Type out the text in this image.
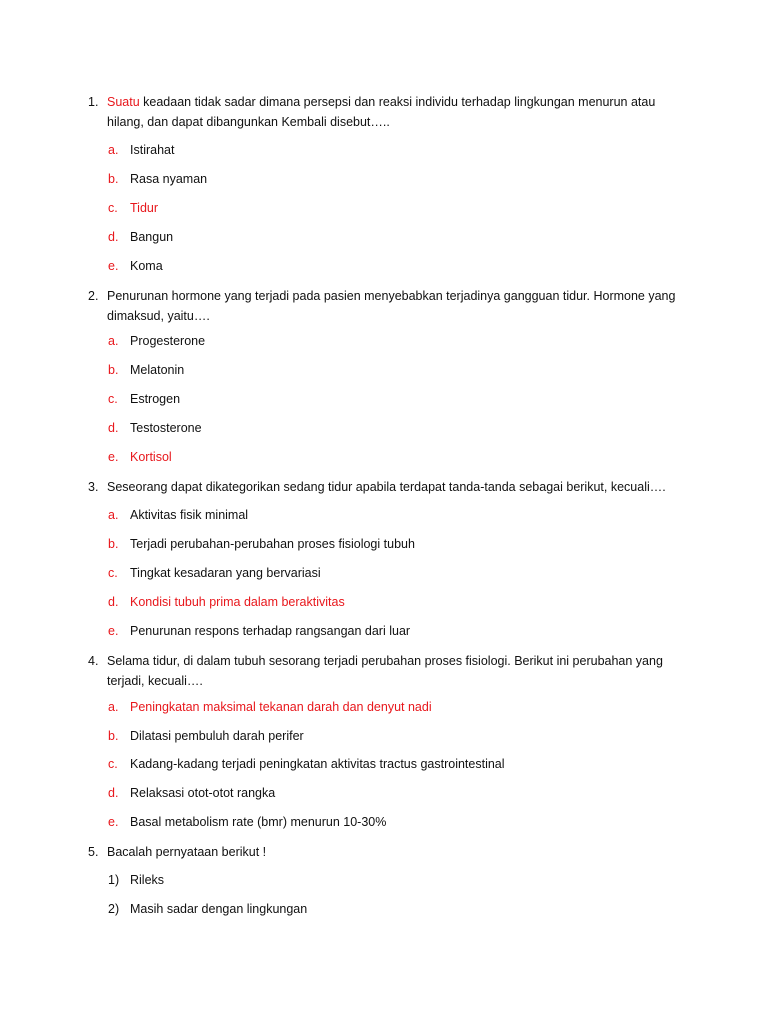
1. Suatu keadaan tidak sadar dimana persepsi dan reaksi individu terhadap lingkungan menurun atau hilang, dan dapat dibangunkan Kembali disebut…..
a. Istirahat
b. Rasa nyaman
c. Tidur
d. Bangun
e. Koma
2. Penurunan hormone yang terjadi pada pasien menyebabkan terjadinya gangguan tidur. Hormone yang dimaksud, yaitu….
a. Progesterone
b. Melatonin
c. Estrogen
d. Testosterone
e. Kortisol
3. Seseorang dapat dikategorikan sedang tidur apabila terdapat tanda-tanda sebagai berikut, kecuali….
a. Aktivitas fisik minimal
b. Terjadi perubahan-perubahan proses fisiologi tubuh
c. Tingkat kesadaran yang bervariasi
d. Kondisi tubuh prima dalam beraktivitas
e. Penurunan respons terhadap rangsangan dari luar
4. Selama tidur, di dalam tubuh sesorang terjadi perubahan proses fisiologi. Berikut ini perubahan yang terjadi, kecuali….
a. Peningkatan maksimal tekanan darah dan denyut nadi
b. Dilatasi pembuluh darah perifer
c. Kadang-kadang terjadi peningkatan aktivitas tractus gastrointestinal
d. Relaksasi otot-otot rangka
e. Basal metabolism rate (bmr) menurun 10-30%
5. Bacalah pernyataan berikut !
1) Rileks
2) Masih sadar dengan lingkungan
